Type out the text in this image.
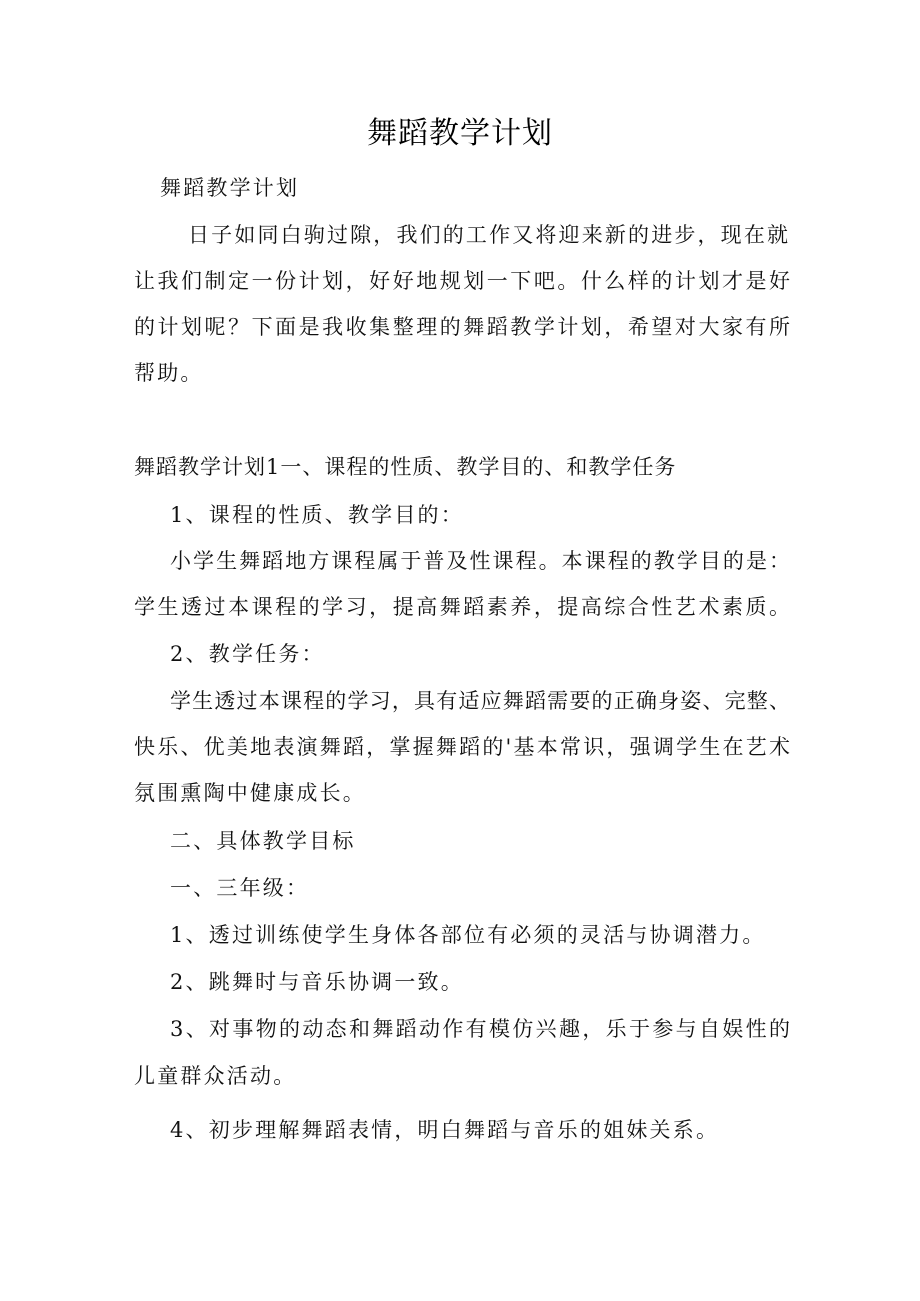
舞蹈教学计划
舞蹈教学计划
日子如同白驹过隙，我们的工作又将迎来新的进步，现在就
让我们制定一份计划，好好地规划一下吧。什么样的计划才是好
的计划呢？下面是我收集整理的舞蹈教学计划，希望对大家有所
帮助。
舞蹈教学计划1一、课程的性质、教学目的、和教学任务
1、课程的性质、教学目的：
小学生舞蹈地方课程属于普及性课程。本课程的教学目的是：
学生透过本课程的学习，提高舞蹈素养，提高综合性艺术素质。
2、教学任务：
学生透过本课程的学习，具有适应舞蹈需要的正确身姿、完整、
快乐、优美地表演舞蹈，掌握舞蹈的'基本常识，强调学生在艺术
氛围熏陶中健康成长。
二、具体教学目标
一、三年级：
1、透过训练使学生身体各部位有必须的灵活与协调潜力。
2、跳舞时与音乐协调一致。
3、对事物的动态和舞蹈动作有模仿兴趣，乐于参与自娱性的
儿童群众活动。
4、初步理解舞蹈表情，明白舞蹈与音乐的姐妹关系。
